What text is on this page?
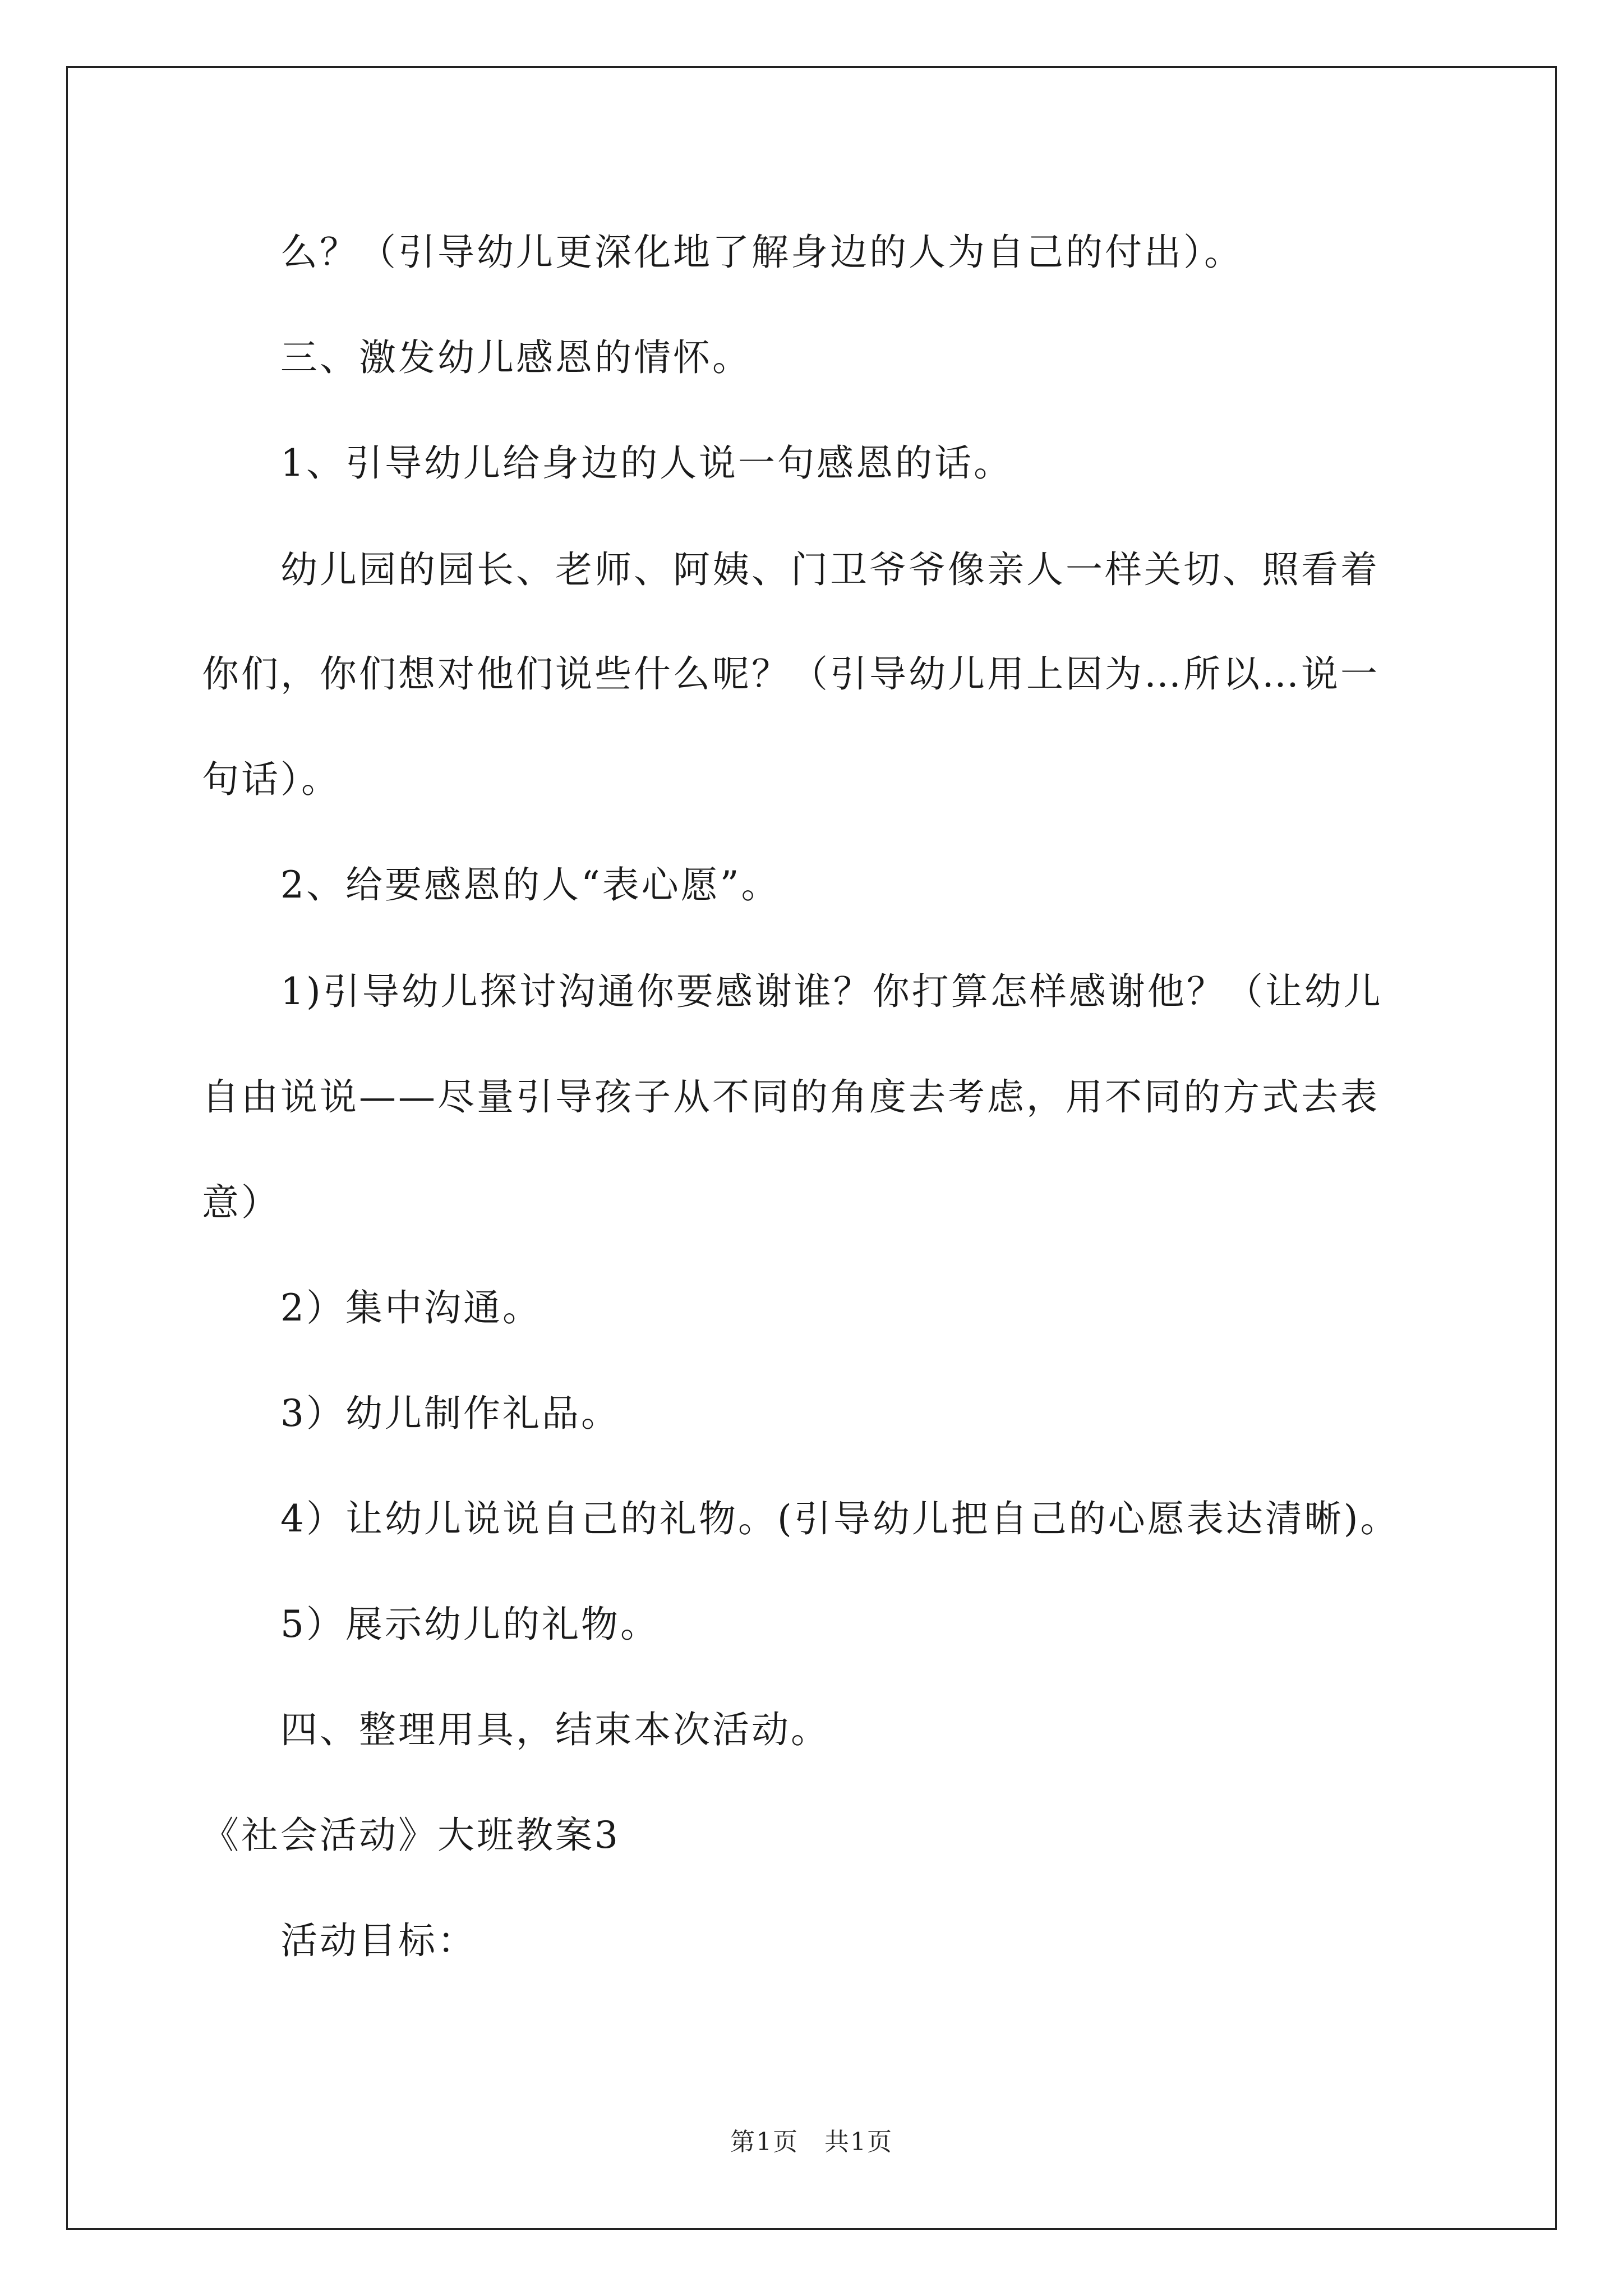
么？（引导幼儿更深化地了解身边的人为自己的付出）。
三、激发幼儿感恩的情怀。
1、引导幼儿给身边的人说一句感恩的话。
幼儿园的园长、老师、阿姨、门卫爷爷像亲人一样关切、照看着
你们，你们想对他们说些什么呢？（引导幼儿用上因为…所以…说一
句话）。
2、给要感恩的人“表心愿”。
1)引导幼儿探讨沟通你要感谢谁？你打算怎样感谢他？（让幼儿
自由说说——尽量引导孩子从不同的角度去考虑，用不同的方式去表
意）
2）集中沟通。
3）幼儿制作礼品。
4）让幼儿说说自己的礼物。(引导幼儿把自己的心愿表达清晰)。
5）展示幼儿的礼物。
四、整理用具，结束本次活动。
《社会活动》大班教案3
活动目标：
第1页　共1页
